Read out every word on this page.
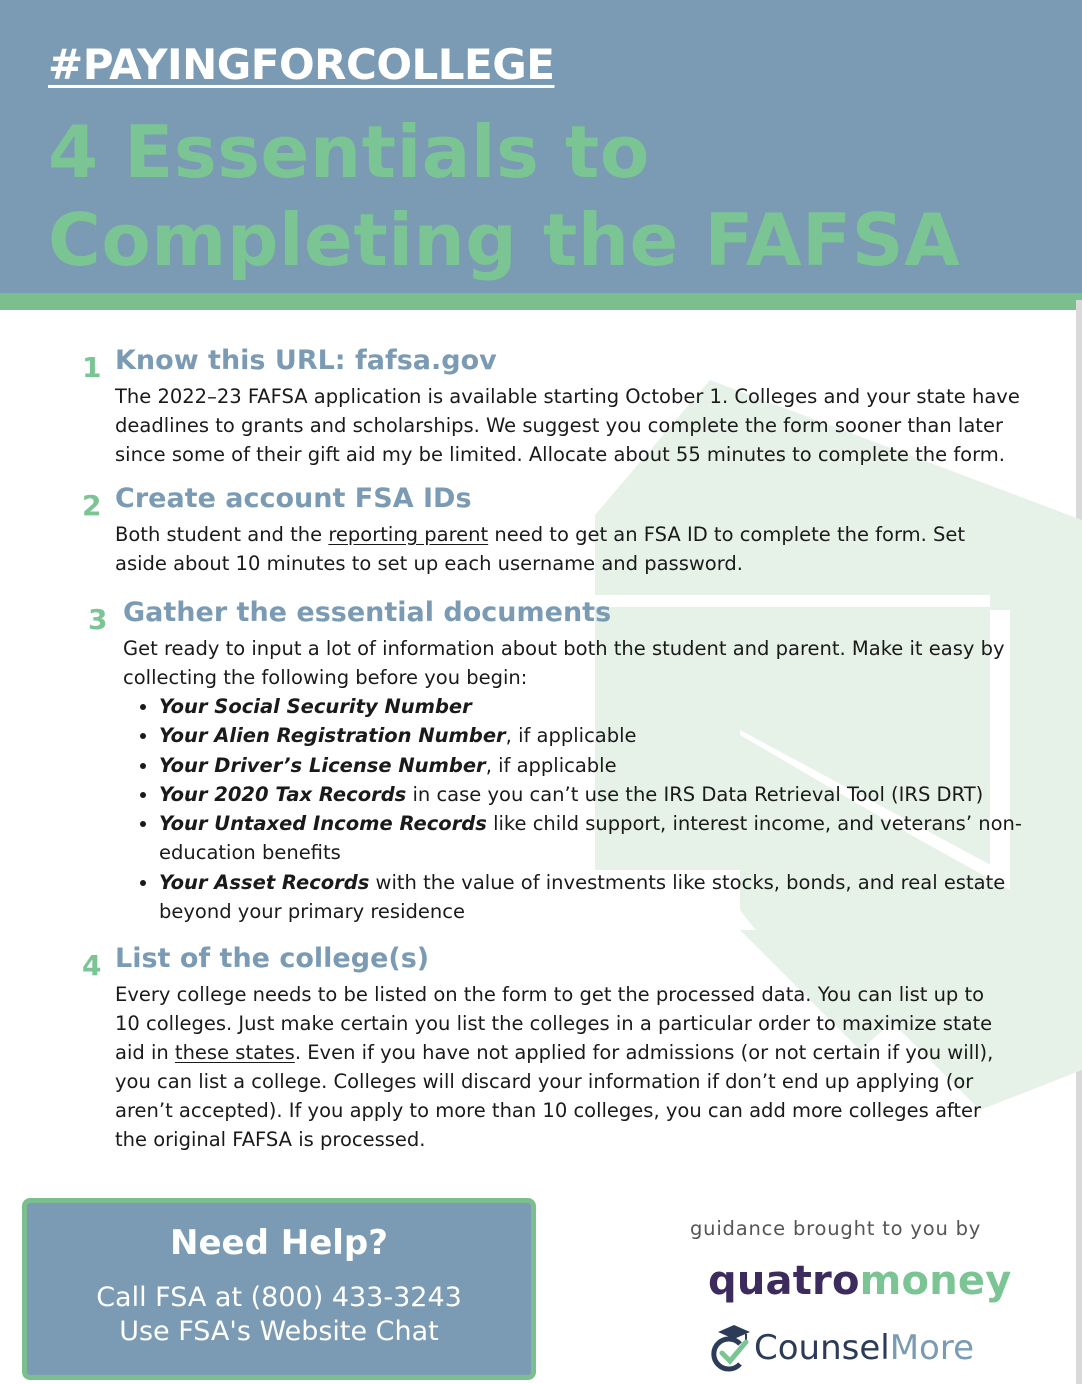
#PAYINGFORCOLLEGE
4 Essentials to Completing the FAFSA
1 Know this URL: fafsa.gov

The 2022–23 FAFSA application is available starting October 1. Colleges and your state have deadlines to grants and scholarships. We suggest you complete the form sooner than later since some of their gift aid my be limited. Allocate about 55 minutes to complete the form.

2 Create account FSA IDs

Both student and the reporting parent need to get an FSA ID to complete the form. Set aside about 10 minutes to set up each username and password.

3 Gather the essential documents

Get ready to input a lot of information about both the student and parent. Make it easy by collecting the following before you begin:

• Your Social Security Number
• Your Alien Registration Number, if applicable
• Your Driver’s License Number, if applicable
• Your 2020 Tax Records in case you can’t use the IRS Data Retrieval Tool (IRS DRT)
• Your Untaxed Income Records like child support, interest income, and veterans’ non-education benefits
• Your Asset Records with the value of investments like stocks, bonds, and real estate beyond your primary residence
4 List of the college(s)

Every college needs to be listed on the form to get the processed data. You can list up to 10 colleges. Just make certain you list the colleges in a particular order to maximize state aid in these states. Even if you have not applied for admissions (or not certain if you will), you can list a college. Colleges will discard your information if don’t end up applying (or aren’t accepted). If you apply to more than 10 colleges, you can add more colleges after the original FAFSA is processed.

Need Help?
Call FSA at (800) 433-3243
Use FSA's Website Chat
guidance brought to you by
quatromoney
CounselMore
